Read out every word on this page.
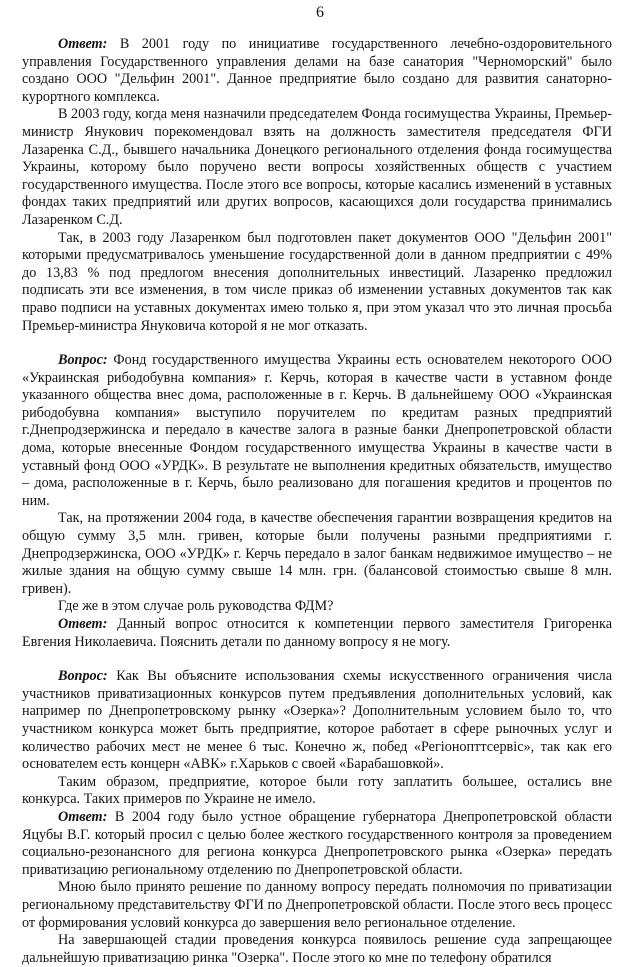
6

Ответ: В 2001 году по инициативе государственного лечебно-оздоровительного управления Государственного управления делами на базе санатория "Черноморский" было создано ООО "Дельфин 2001". Данное предприятие было создано для развития санаторно-курортного комплекса.

В 2003 году, когда меня назначили председателем Фонда госимущества Украины, Премьер-министр Янукович порекомендовал взять на должность заместителя председателя ФГИ Лазаренка С.Д., бывшего начальника Донецкого регионального отделения фонда госимущества Украины, которому было поручено вести вопросы хозяйственных обществ с участием государственного имущества. После этого все вопросы, которые касались изменений в уставных фондах таких предприятий или других вопросов, касающихся доли государства принимались Лазаренком С.Д.

Так, в 2003 году Лазаренком был подготовлен пакет документов ООО "Дельфин 2001" которыми предусматривалось уменьшение государственной доли в данном предприятии с 49% до 13,83 % под предлогом внесения дополнительных инвестиций. Лазаренко предложил подписать эти все изменения, в том числе приказ об изменении уставных документов так как право подписи на уставных документах имею только я, при этом указал что это личная просьба Премьер-министра Януковича которой я не мог отказать.

Вопрос: Фонд государственного имущества Украины есть основателем некоторого ООО «Украинская рибодобувна компания» г. Керчь, которая в качестве части в уставном фонде указанного общества внес дома, расположенные в г. Керчь. В дальнейшему ООО «Украинская рибодобувна компания» выступило поручителем по кредитам разных предприятий г.Днепродзержинска и передало в качестве залога в разные банки Днепропетровской области дома, которые внесенные Фондом государственного имущества Украины в качестве части в уставный фонд ООО «УРДК». В результате не выполнения кредитных обязательств, имущество – дома, расположенные в г. Керчь, было реализовано для погашения кредитов и процентов по ним.

Так, на протяжении 2004 года, в качестве обеспечения гарантии возвращения кредитов на общую сумму 3,5 млн. гривен, которые были получены разными предприятиями г. Днепродзержинска, ООО «УРДК» г. Керчь передало в залог банкам недвижимое имущество – не жилые здания на общую сумму свыше 14 млн. грн. (балансовой стоимостью свыше 8 млн. гривен).

Где же в этом случае роль руководства ФДМ?

Ответ: Данный вопрос относится к компетенции первого заместителя Григоренка Евгения Николаевича. Пояснить детали по данному вопросу я не могу.

Вопрос: Как Вы объясните использования схемы искусственного ограничения числа участников приватизационных конкурсов путем предъявления дополнительных условий, как например по Днепропетровскому рынку «Озерка»? Дополнительным условием было то, что участником конкурса может быть предприятие, которое работает в сфере рыночных услуг и количество рабочих мест не менее 6 тыс. Конечно ж, побед «Регіонопттсервіс», так как его основателем есть концерн «АВК» г.Харьков с своей «Барабашовкой».

Таким образом, предприятие, которое были готу заплатить большее, остались вне конкурса. Таких примеров по Украине не имело.

Ответ: В 2004 году было устное обращение губернатора Днепропетровской области Яцубы В.Г. который просил с целью более жесткого государственного контроля за проведением социально-резонансного для региона конкурса Днепропетровского рынка «Озерка» передать приватизацию региональному отделению по Днепропетровской области.

Мною было принято решение по данному вопросу передать полномочия по приватизации региональному представительству ФГИ по Днепропетровской области. После этого весь процесс от формирования условий конкурса до завершения вело региональное отделение.

На завершающей стадии проведения конкурса появилось решение суда запрещающее дальнейшую приватизацию ринка "Озерка". После этого ко мне по телефону обратился
